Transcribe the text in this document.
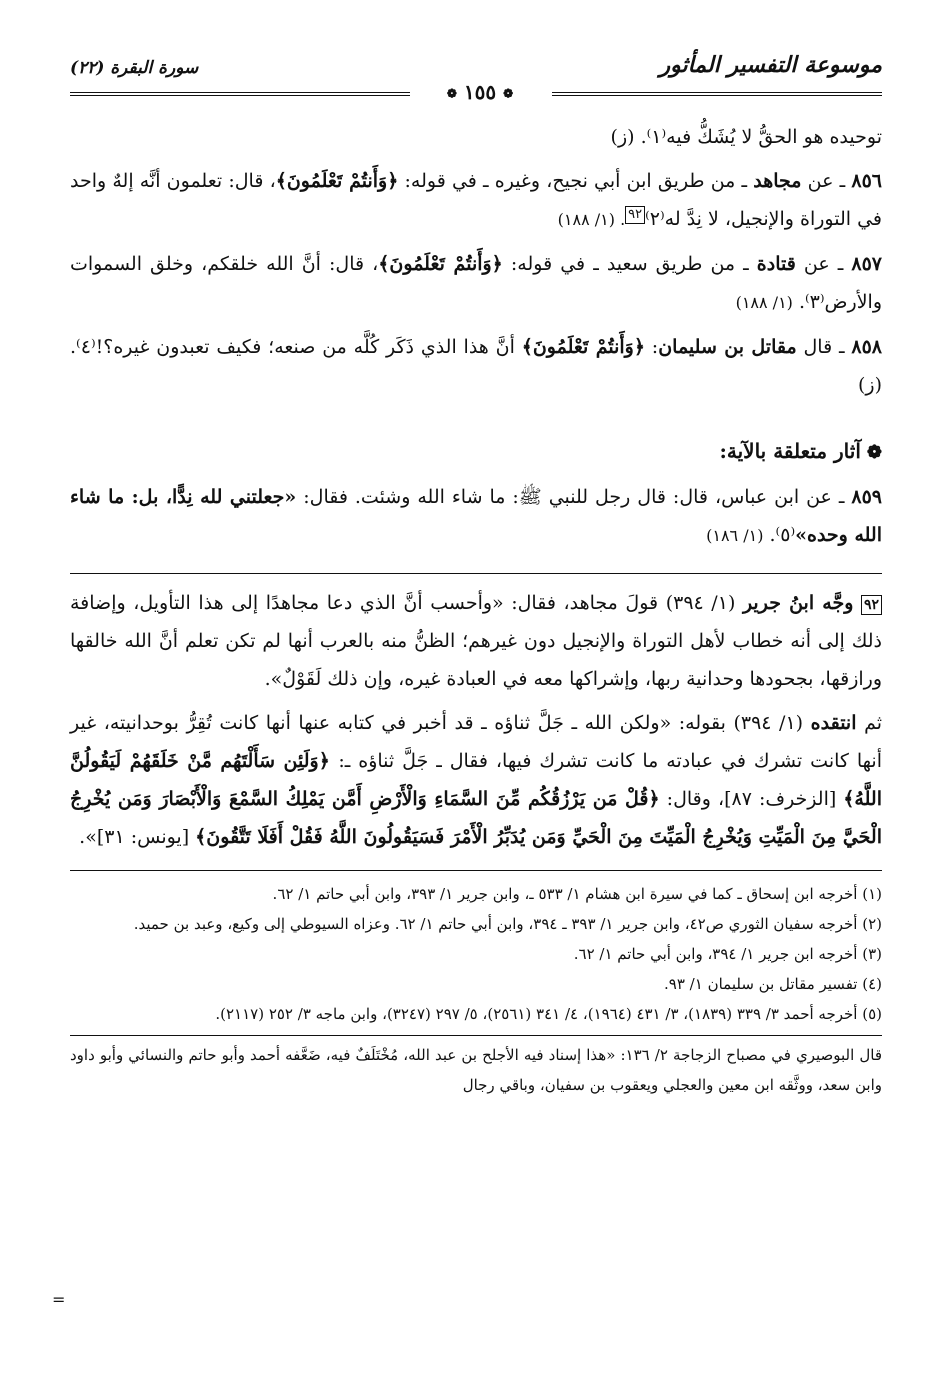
موسوعة التفسير المأثور
سورة البقرة (٢٢)
❁ ١٥٥ ❁

توحيده هو الحقُّ لا يُشَكُّ فيه⁽١⁾. (ز)

٨٥٦ ـ عن مجاهد ـ من طريق ابن أبي نجيح، وغيره ـ في قوله: ﴿وَأَنتُمْ تَعْلَمُونَ﴾، قال: تعلمون أنَّه إلهٌ واحد في التوراة والإنجيل، لا نِدَّ له⁽٢⁾٩٢. (١/ ١٨٨)

٨٥٧ ـ عن قتادة ـ من طريق سعيد ـ في قوله: ﴿وَأَنتُمْ تَعْلَمُونَ﴾، قال: أنَّ الله خلقكم، وخلق السموات والأرض⁽٣⁾. (١/ ١٨٨)

٨٥٨ ـ قال مقاتل بن سليمان: ﴿وَأَنتُمْ تَعْلَمُونَ﴾ أنَّ هذا الذي ذَكَر كُلَّه من صنعه؛ فكيف تعبدون غيره؟!⁽٤⁾. (ز)

❁آثار متعلقة بالآية:

٨٥٩ ـ عن ابن عباس، قال: قال رجل للنبي ﷺ: ما شاء الله وشئت. فقال: «جعلتني لله نِدًّا، بل: ما شاء الله وحده»⁽٥⁾. (١/ ١٨٦)

٩٢ وجَّه ابنُ جرير (١/ ٣٩٤) قولَ مجاهد، فقال: «وأحسب أنَّ الذي دعا مجاهدًا إلى هذا التأويل، وإضافة ذلك إلى أنه خطاب لأهل التوراة والإنجيل دون غيرهم؛ الظنُّ منه بالعرب أنها لم تكن تعلم أنَّ الله خالقها ورازقها، بجحودها وحدانية ربها، وإشراكها معه في العبادة غيره، وإن ذلك لَقَوْلٌ».

ثم انتقده (١/ ٣٩٤) بقوله: «ولكن الله ـ جَلَّ ثناؤه ـ قد أخبر في كتابه عنها أنها كانت تُقِرُّ بوحدانيته، غير أنها كانت تشرك في عبادته ما كانت تشرك فيها، فقال ـ جَلَّ ثناؤه ـ: ﴿وَلَئِن سَأَلْتَهُم مَّنْ خَلَقَهُمْ لَيَقُولُنَّ اللَّهُ﴾ [الزخرف: ٨٧]، وقال: ﴿قُلْ مَن يَرْزُقُكُم مِّنَ السَّمَاءِ وَالْأَرْضِ أَمَّن يَمْلِكُ السَّمْعَ وَالْأَبْصَارَ وَمَن يُخْرِجُ الْحَيَّ مِنَ الْمَيِّتِ وَيُخْرِجُ الْمَيِّتَ مِنَ الْحَيِّ وَمَن يُدَبِّرُ الْأَمْرَ فَسَيَقُولُونَ اللَّهُ فَقُلْ أَفَلَا تَتَّقُونَ﴾ [يونس: ٣١]».

(١) أخرجه ابن إسحاق ـ كما في سيرة ابن هشام ١/ ٥٣٣ ـ، وابن جرير ١/ ٣٩٣، وابن أبي حاتم ١/ ٦٢.

(٢) أخرجه سفيان الثوري ص٤٢، وابن جرير ١/ ٣٩٣ ـ ٣٩٤، وابن أبي حاتم ١/ ٦٢. وعزاه السيوطي إلى وكيع، وعبد بن حميد.

(٣) أخرجه ابن جرير ١/ ٣٩٤، وابن أبي حاتم ١/ ٦٢.

(٤) تفسير مقاتل بن سليمان ١/ ٩٣.

(٥) أخرجه أحمد ٣/ ٣٣٩ (١٨٣٩)، ٣/ ٤٣١ (١٩٦٤)، ٤/ ٣٤١ (٢٥٦١)، ٥/ ٢٩٧ (٣٢٤٧)، وابن ماجه ٣/ ٢٥٢ (٢١١٧).

قال البوصيري في مصباح الزجاجة ٢/ ١٣٦: «هذا إسناد فيه الأجلح بن عبد الله، مُخْتَلَفٌ فيه، ضَعَّفه أحمد وأبو حاتم والنسائي وأبو داود وابن سعد، ووثَّقه ابن معين والعجلي ويعقوب بن سفيان، وباقي رجال

=
